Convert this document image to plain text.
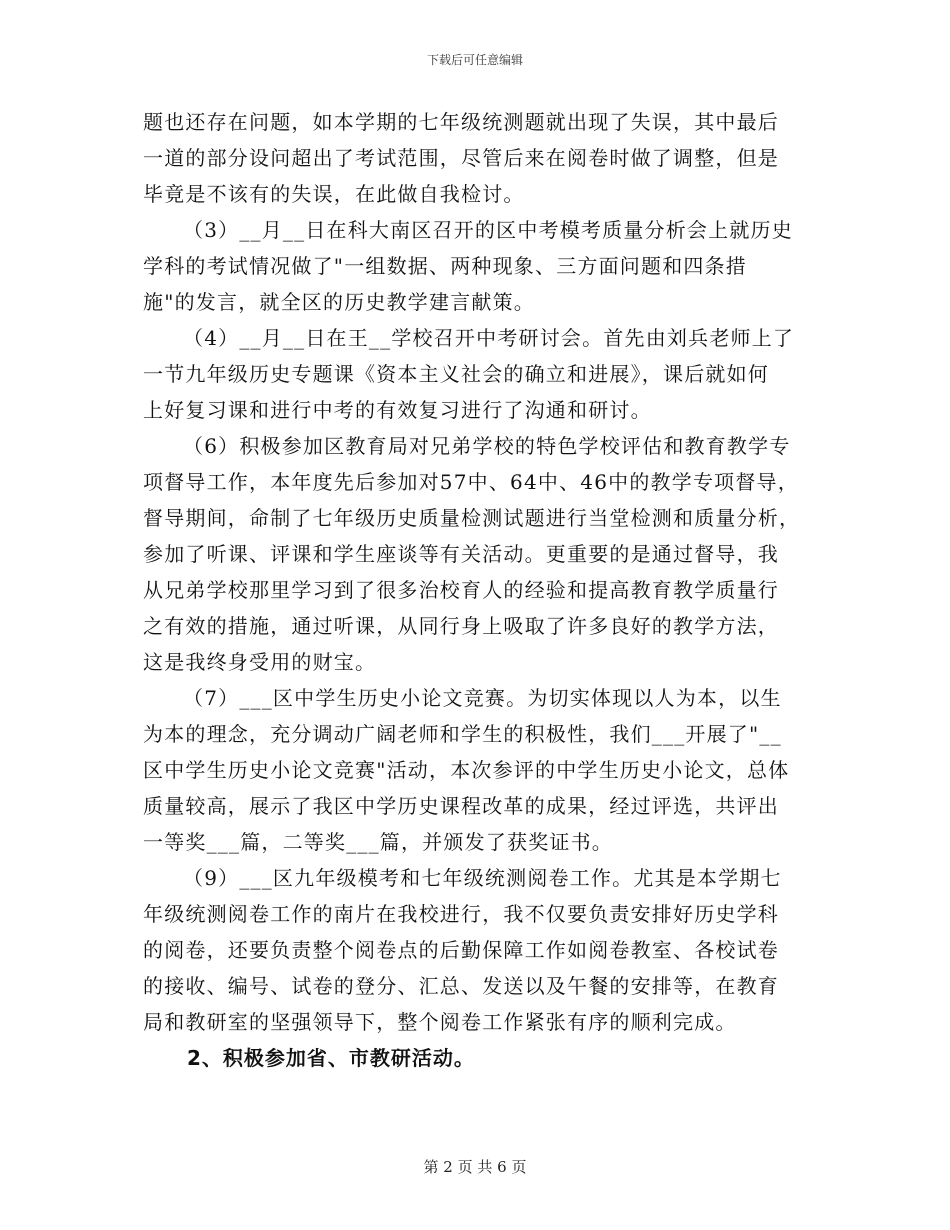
下载后可任意编辑

题也还存在问题，如本学期的七年级统测题就出现了失误，其中最后
一道的部分设问超出了考试范围，尽管后来在阅卷时做了调整，但是
毕竟是不该有的失误，在此做自我检讨。

（3）__月__日在科大南区召开的区中考模考质量分析会上就历史
学科的考试情况做了"一组数据、两种现象、三方面问题和四条措
施"的发言，就全区的历史教学建言献策。

（4）__月__日在王__学校召开中考研讨会。首先由刘兵老师上了
一节九年级历史专题课《资本主义社会的确立和进展》，课后就如何
上好复习课和进行中考的有效复习进行了沟通和研讨。

（6）积极参加区教育局对兄弟学校的特色学校评估和教育教学专
项督导工作，本年度先后参加对57中、64中、46中的教学专项督导，
督导期间，命制了七年级历史质量检测试题进行当堂检测和质量分析，
参加了听课、评课和学生座谈等有关活动。更重要的是通过督导，我
从兄弟学校那里学习到了很多治校育人的经验和提高教育教学质量行
之有效的措施，通过听课，从同行身上吸取了许多良好的教学方法，
这是我终身受用的财宝。

（7）___区中学生历史小论文竞赛。为切实体现以人为本，以生
为本的理念，充分调动广阔老师和学生的积极性，我们___开展了"__
区中学生历史小论文竞赛"活动，本次参评的中学生历史小论文，总体
质量较高，展示了我区中学历史课程改革的成果，经过评选，共评出
一等奖___篇，二等奖___篇，并颁发了获奖证书。

（9）___区九年级模考和七年级统测阅卷工作。尤其是本学期七
年级统测阅卷工作的南片在我校进行，我不仅要负责安排好历史学科
的阅卷，还要负责整个阅卷点的后勤保障工作如阅卷教室、各校试卷
的接收、编号、试卷的登分、汇总、发送以及午餐的安排等，在教育
局和教研室的坚强领导下，整个阅卷工作紧张有序的顺利完成。

2、积极参加省、市教研活动。

第 2 页 共 6 页
